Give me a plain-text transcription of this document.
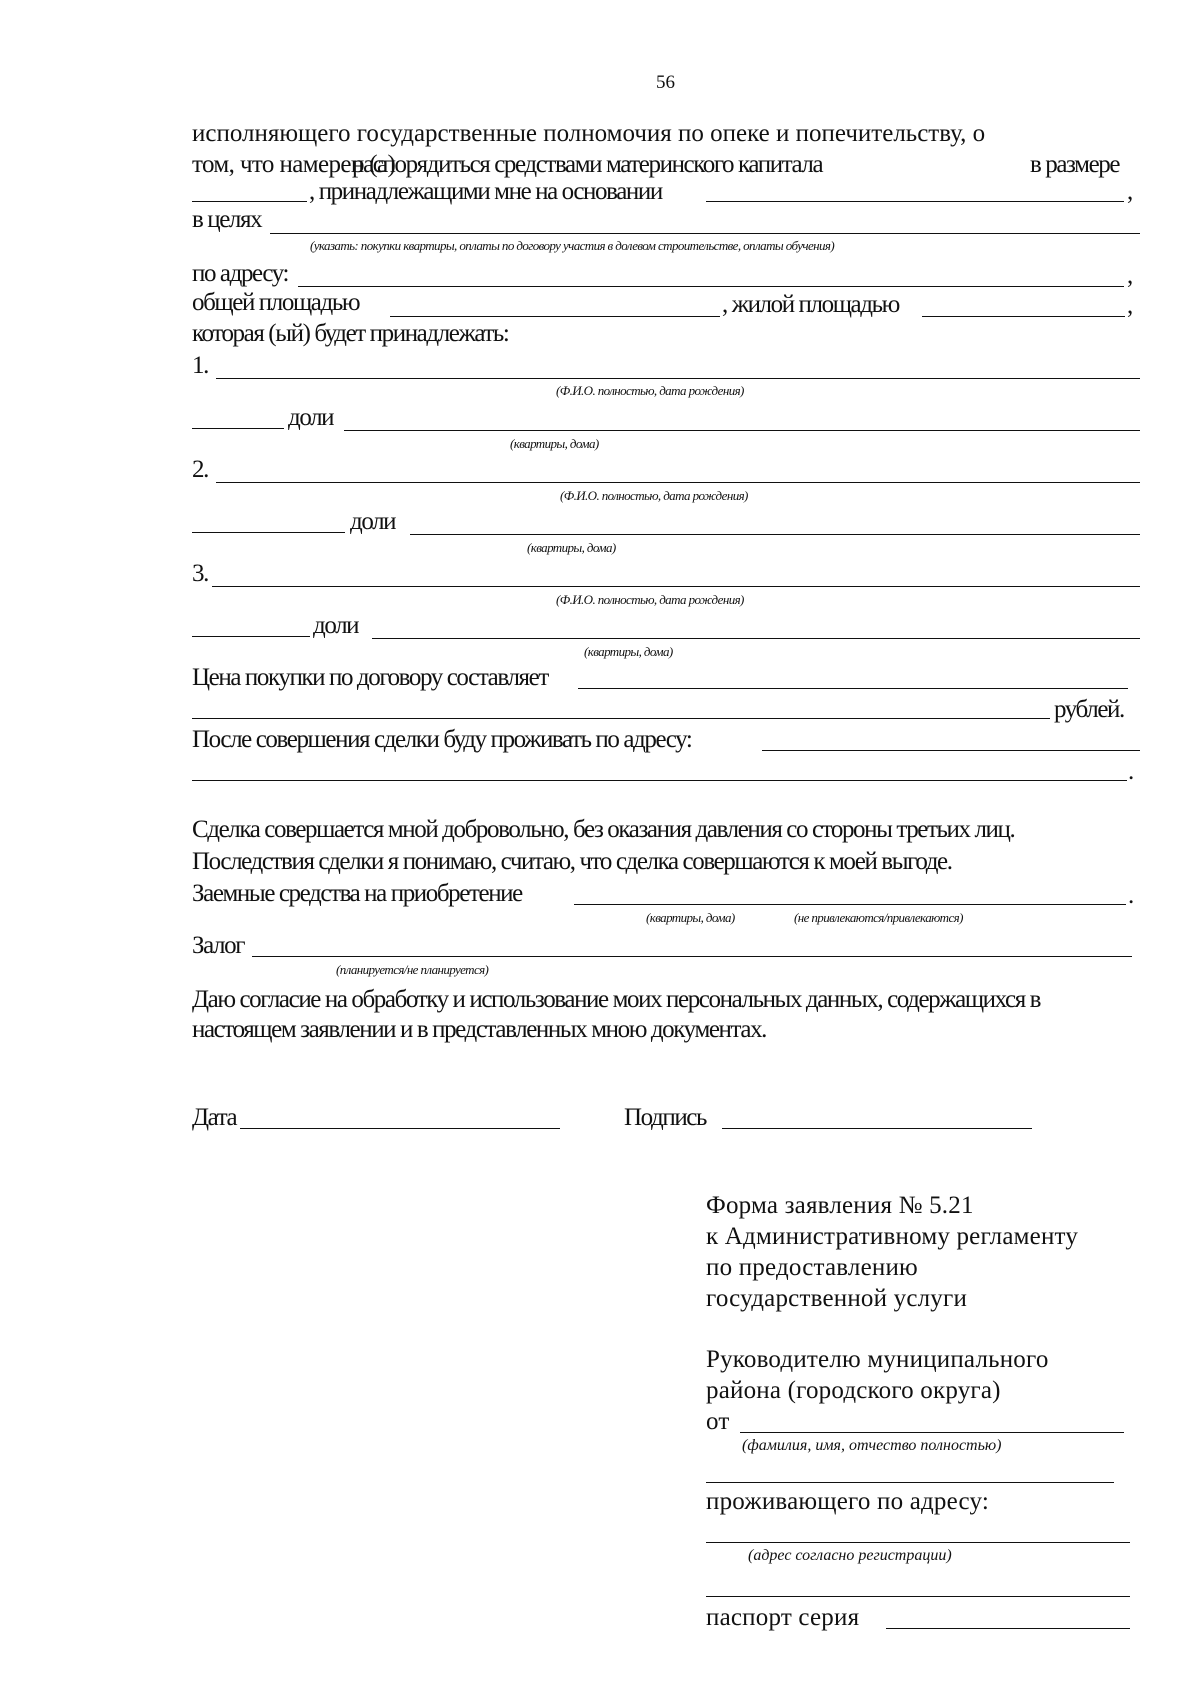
56
исполняющего государственные полномочия по опеке и попечительству, о
том, что намерен (а)
распорядиться средствами материнского капитала	в размере
, принадлежащими мне на основании	,
в целях
(указать: покупки квартиры, оплаты по договору участия в долевом строительстве, оплаты обучения)
по адресу:	,
общей площадью	, жилой площадью	,
которая (ый) будет принадлежать:
1.
(Ф.И.О. полностью, дата рождения)
доли
(квартиры, дома)
2.
(Ф.И.О. полностью, дата рождения)
доли
(квартиры, дома)
3.
(Ф.И.О. полностью, дата рождения)
доли
(квартиры, дома)
Цена покупки по договору составляет
рублей.
После совершения сделки буду проживать по адресу:
.
Сделка совершается мной добровольно, без оказания давления со стороны третьих лиц.
Последствия сделки я понимаю, считаю, что сделка совершаются к моей выгоде.
Заемные средства на приобретение	.
(квартиры, дома)	(не привлекаются/привлекаются)
Залог
(планируется/не планируется)
Даю согласие на обработку и использование моих персональных данных, содержащихся в
настоящем заявлении и в представленных мною документах.
Дата	Подпись
Форма заявления № 5.21
к Административному регламенту
по предоставлению
государственной услуги
Руководителю муниципального
района (городского округа)
от
(фамилия, имя, отчество полностью)
проживающего по адресу:
(адрес согласно регистрации)
паспорт серия
